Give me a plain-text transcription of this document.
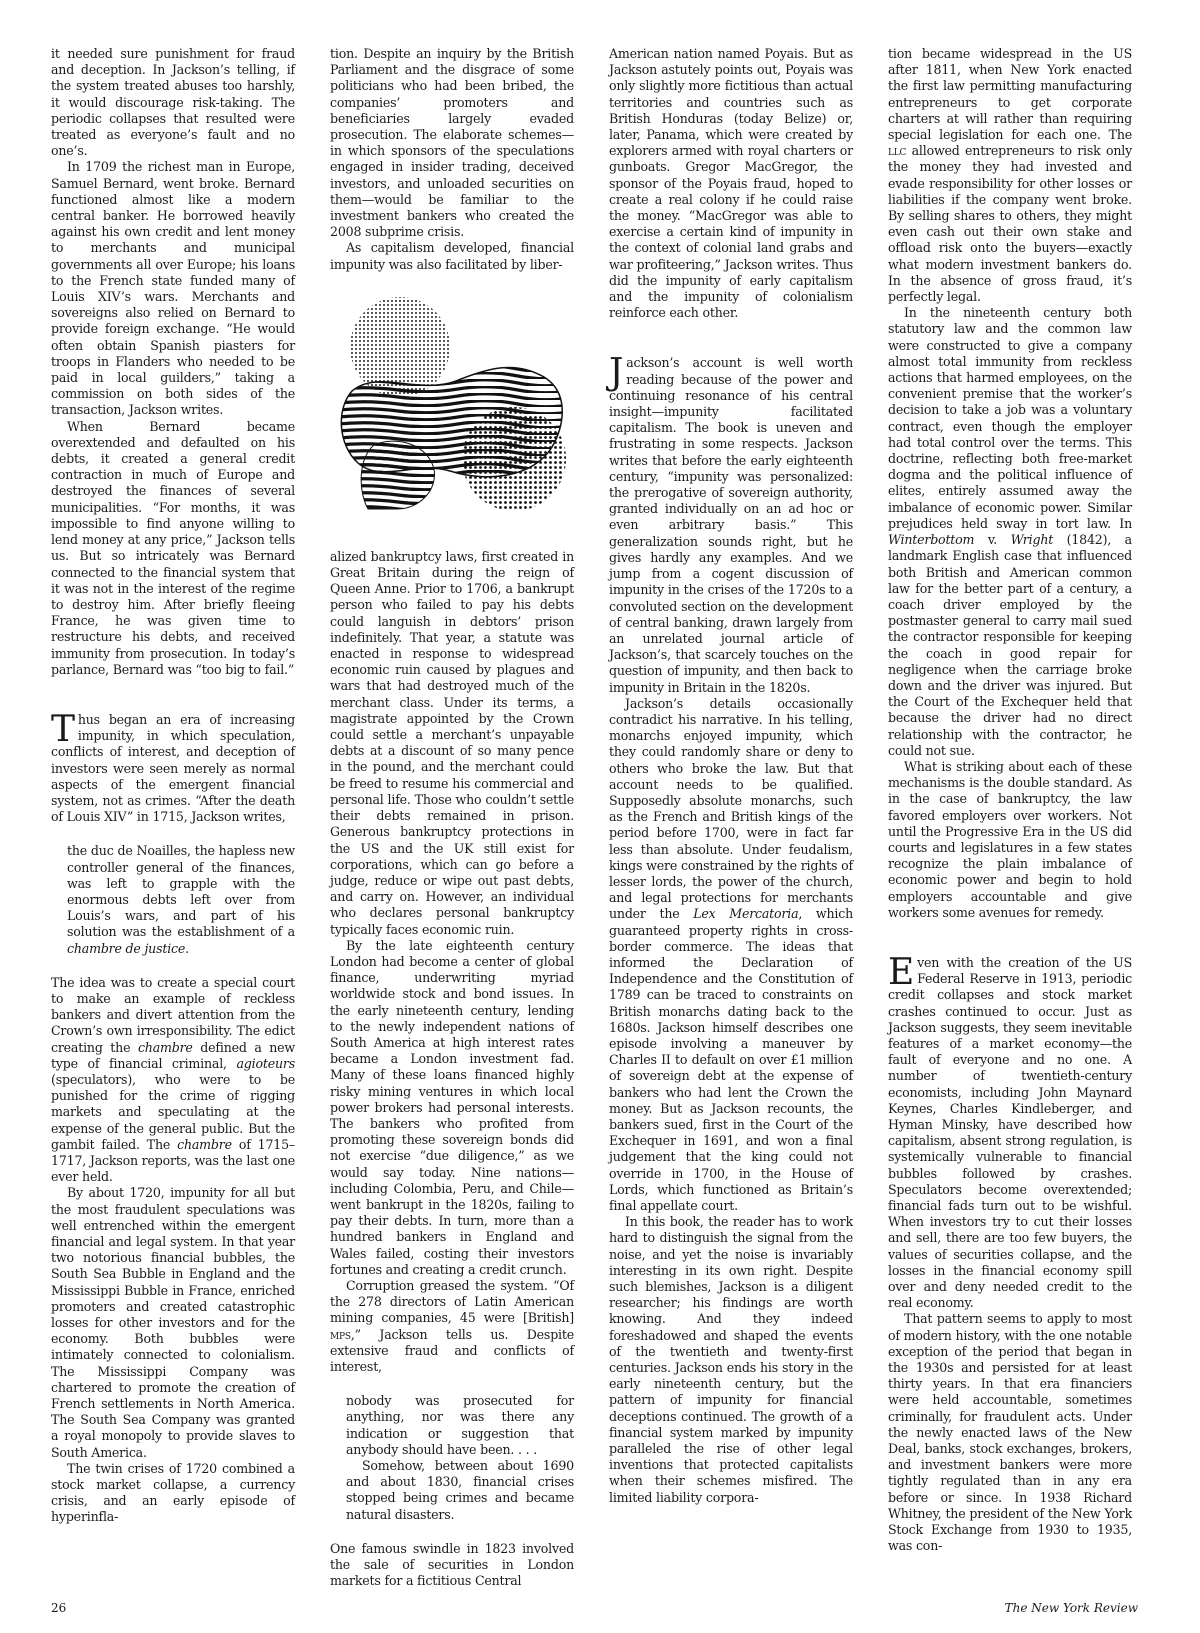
it needed sure punishment for fraud and deception. In Jackson’s telling, if the system treated abuses too harshly, it would discourage risk-taking. The periodic collapses that resulted were treated as everyone’s fault and no one’s.

In 1709 the richest man in Europe, Samuel Bernard, went broke. Bernard functioned almost like a modern central banker. He borrowed heavily against his own credit and lent money to merchants and municipal governments all over Europe; his loans to the French state funded many of Louis XIV’s wars. Merchants and sovereigns also relied on Bernard to provide foreign exchange. “He would often obtain Spanish piasters for troops in Flanders who needed to be paid in local guilders,” taking a commission on both sides of the transaction, Jackson writes.

When Bernard became overextended and defaulted on his debts, it created a general credit contraction in much of Europe and destroyed the finances of several municipalities. “For months, it was impossible to find anyone willing to lend money at any price,” Jackson tells us. But so intricately was Bernard connected to the financial system that it was not in the interest of the regime to destroy him. After briefly fleeing France, he was given time to restructure his debts, and received immunity from prosecution. In today’s parlance, Bernard was “too big to fail.”

Thus began an era of increasing impunity, in which speculation, conflicts of interest, and deception of investors were seen merely as normal aspects of the emergent financial system, not as crimes. “After the death of Louis XIV” in 1715, Jackson writes,

the duc de Noailles, the hapless new controller general of the finances, was left to grapple with the enormous debts left over from Louis’s wars, and part of his solution was the establishment of a chambre de justice.

The idea was to create a special court to make an example of reckless bankers and divert attention from the Crown’s own irresponsibility. The edict creating the chambre defined a new type of financial criminal, agioteurs (speculators), who were to be punished for the crime of rigging markets and speculating at the expense of the general public. But the gambit failed. The chambre of 1715–1717, Jackson reports, was the last one ever held.

By about 1720, impunity for all but the most fraudulent speculations was well entrenched within the emergent financial and legal system. In that year two notorious financial bubbles, the South Sea Bubble in England and the Mississippi Bubble in France, enriched promoters and created catastrophic losses for other investors and for the economy. Both bubbles were intimately connected to colonialism. The Mississippi Company was chartered to promote the creation of French settlements in North America. The South Sea Company was granted a royal monopoly to provide slaves to South America.

The twin crises of 1720 combined a stock market collapse, a currency crisis, and an early episode of hyperinfla-

tion. Despite an inquiry by the British Parliament and the disgrace of some politicians who had been bribed, the companies’ promoters and beneficiaries largely evaded prosecution. The elaborate schemes—in which sponsors of the speculations engaged in insider trading, deceived investors, and unloaded securities on them—would be familiar to the investment bankers who created the 2008 subprime crisis.

As capitalism developed, financial impunity was also facilitated by liber-

alized bankruptcy laws, first created in Great Britain during the reign of Queen Anne. Prior to 1706, a bankrupt person who failed to pay his debts could languish in debtors’ prison indefinitely. That year, a statute was enacted in response to widespread economic ruin caused by plagues and wars that had destroyed much of the merchant class. Under its terms, a magistrate appointed by the Crown could settle a merchant’s unpayable debts at a discount of so many pence in the pound, and the merchant could be freed to resume his commercial and personal life. Those who couldn’t settle their debts remained in prison. Generous bankruptcy protections in the US and the UK still exist for corporations, which can go before a judge, reduce or wipe out past debts, and carry on. However, an individual who declares personal bankruptcy typically faces economic ruin.

By the late eighteenth century London had become a center of global finance, underwriting myriad worldwide stock and bond issues. In the early nineteenth century, lending to the newly independent nations of South America at high interest rates became a London investment fad. Many of these loans financed highly risky mining ventures in which local power brokers had personal interests. The bankers who profited from promoting these sovereign bonds did not exercise “due diligence,” as we would say today. Nine nations—including Colombia, Peru, and Chile—went bankrupt in the 1820s, failing to pay their debts. In turn, more than a hundred bankers in England and Wales failed, costing their investors fortunes and creating a credit crunch.

Corruption greased the system. “Of the 278 directors of Latin American mining companies, 45 were [British] mps,” Jackson tells us. Despite extensive fraud and conflicts of interest,

nobody was prosecuted for anything, nor was there any indication or suggestion that anybody should have been. . . .

Somehow, between about 1690 and about 1830, financial crises stopped being crimes and became natural disasters.

One famous swindle in 1823 involved the sale of securities in London markets for a fictitious Central

American nation named Poyais. But as Jackson astutely points out, Poyais was only slightly more fictitious than actual territories and countries such as British Honduras (today Belize) or, later, Panama, which were created by explorers armed with royal charters or gunboats. Gregor MacGregor, the sponsor of the Poyais fraud, hoped to create a real colony if he could raise the money. “MacGregor was able to exercise a certain kind of impunity in the context of colonial land grabs and war profiteering,” Jackson writes. Thus did the impunity of early capitalism and the impunity of colonialism reinforce each other.

Jackson’s account is well worth reading because of the power and continuing resonance of his central insight—impunity facilitated capitalism. The book is uneven and frustrating in some respects. Jackson writes that before the early eighteenth century, “impunity was personalized: the prerogative of sovereign authority, granted individually on an ad hoc or even arbitrary basis.” This generalization sounds right, but he gives hardly any examples. And we jump from a cogent discussion of impunity in the crises of the 1720s to a convoluted section on the development of central banking, drawn largely from an unrelated journal article of Jackson’s, that scarcely touches on the question of impunity, and then back to impunity in Britain in the 1820s.

Jackson’s details occasionally contradict his narrative. In his telling, monarchs enjoyed impunity, which they could randomly share or deny to others who broke the law. But that account needs to be qualified. Supposedly absolute monarchs, such as the French and British kings of the period before 1700, were in fact far less than absolute. Under feudalism, kings were constrained by the rights of lesser lords, the power of the church, and legal protections for merchants under the Lex Mercatoria, which guaranteed property rights in cross-border commerce. The ideas that informed the Declaration of Independence and the Constitution of 1789 can be traced to constraints on British monarchs dating back to the 1680s. Jackson himself describes one episode involving a maneuver by Charles II to default on over £1 million of sovereign debt at the expense of bankers who had lent the Crown the money. But as Jackson recounts, the bankers sued, first in the Court of the Exchequer in 1691, and won a final judgement that the king could not override in 1700, in the House of Lords, which functioned as Britain’s final appellate court.

In this book, the reader has to work hard to distinguish the signal from the noise, and yet the noise is invariably interesting in its own right. Despite such blemishes, Jackson is a diligent researcher; his findings are worth knowing. And they indeed foreshadowed and shaped the events of the twentieth and twenty-first centuries. Jackson ends his story in the early nineteenth century, but the pattern of impunity for financial deceptions continued. The growth of a financial system marked by impunity paralleled the rise of other legal inventions that protected capitalists when their schemes misfired. The limited liability corpora-

tion became widespread in the US after 1811, when New York enacted the first law permitting manufacturing entrepreneurs to get corporate charters at will rather than requiring special legislation for each one. The llc allowed entrepreneurs to risk only the money they had invested and evade responsibility for other losses or liabilities if the company went broke. By selling shares to others, they might even cash out their own stake and offload risk onto the buyers—exactly what modern investment bankers do. In the absence of gross fraud, it’s perfectly legal.

In the nineteenth century both statutory law and the common law were constructed to give a company almost total immunity from reckless actions that harmed employees, on the convenient premise that the worker’s decision to take a job was a voluntary contract, even though the employer had total control over the terms. This doctrine, reflecting both free-market dogma and the political influence of elites, entirely assumed away the imbalance of economic power. Similar prejudices held sway in tort law. In Winterbottom v. Wright (1842), a landmark English case that influenced both British and American common law for the better part of a century, a coach driver employed by the postmaster general to carry mail sued the contractor responsible for keeping the coach in good repair for negligence when the carriage broke down and the driver was injured. But the Court of the Exchequer held that because the driver had no direct relationship with the contractor, he could not sue.

What is striking about each of these mechanisms is the double standard. As in the case of bankruptcy, the law favored employers over workers. Not until the Progressive Era in the US did courts and legislatures in a few states recognize the plain imbalance of economic power and begin to hold employers accountable and give workers some avenues for remedy.

Even with the creation of the US Federal Reserve in 1913, periodic credit collapses and stock market crashes continued to occur. Just as Jackson suggests, they seem inevitable features of a market economy—the fault of everyone and no one. A number of twentieth-century economists, including John Maynard Keynes, Charles Kindleberger, and Hyman Minsky, have described how capitalism, absent strong regulation, is systemically vulnerable to financial bubbles followed by crashes. Speculators become overextended; financial fads turn out to be wishful. When investors try to cut their losses and sell, there are too few buyers, the values of securities collapse, and the losses in the financial economy spill over and deny needed credit to the real economy.

That pattern seems to apply to most of modern history, with the one notable exception of the period that began in the 1930s and persisted for at least thirty years. In that era financiers were held accountable, sometimes criminally, for fraudulent acts. Under the newly enacted laws of the New Deal, banks, stock exchanges, brokers, and investment bankers were more tightly regulated than in any era before or since. In 1938 Richard Whitney, the president of the New York Stock Exchange from 1930 to 1935, was con-

26	The New York Review
